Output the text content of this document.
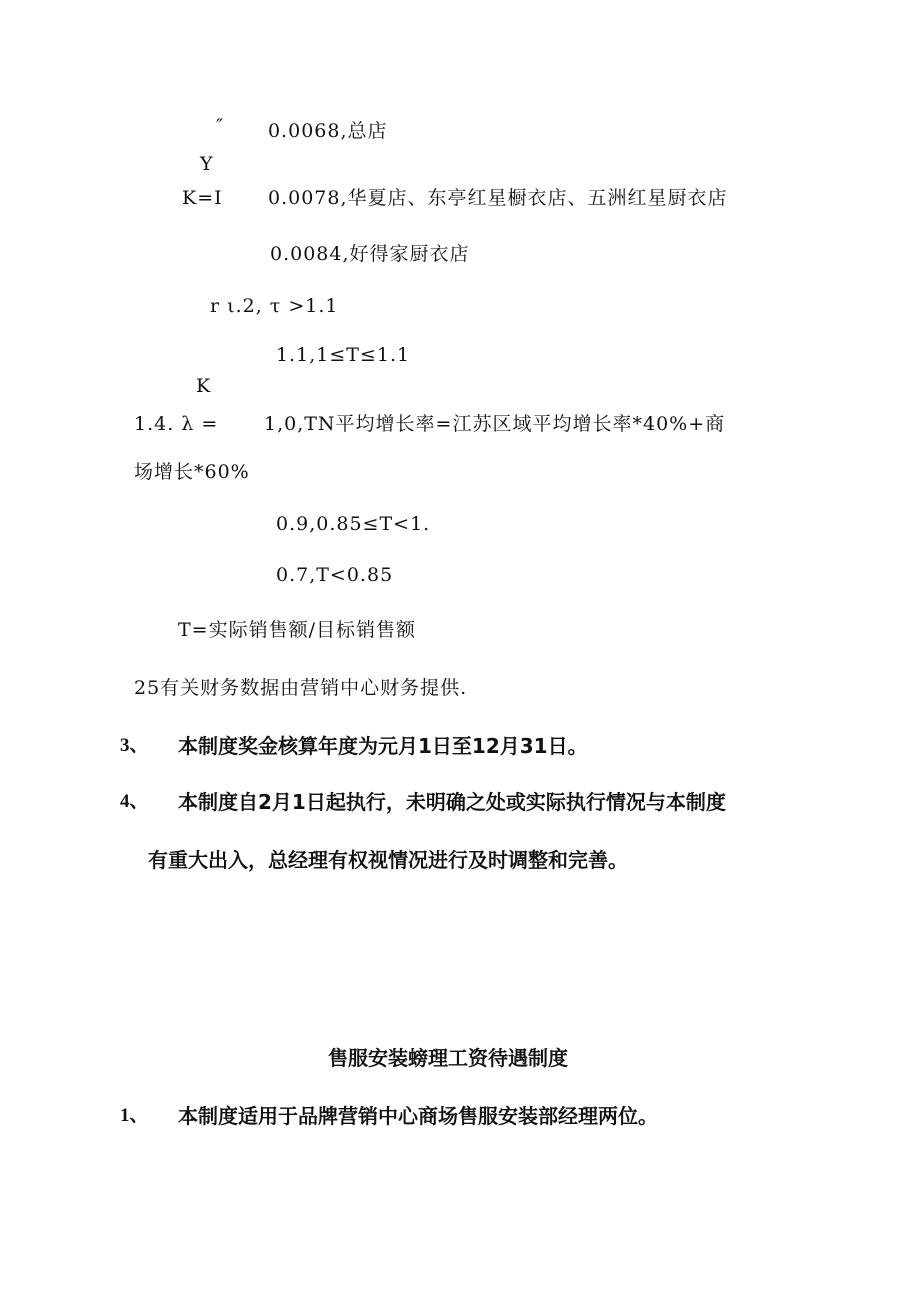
″ 0.0068,总店
Y
K=I 0.0078,华夏店、东亭红星橱衣店、五洲红星厨衣店
0.0084,好得家厨衣店
r ι.2, τ >1.1
1.1,1≤T≤1.1
K
1.4. λ = 1,0,TN平均增长率=江苏区域平均增长率*40%+商
场增长*60%
0.9,0.85≤T<1.
0.7,T<0.85
T=实际销售额/目标销售额
25有关财务数据由营销中心财务提供.
3、 本制度奖金核算年度为元月1日至12月31日。
4、 本制度自2月1日起执行，未明确之处或实际执行情况与本制度
有重大出入，总经理有权视情况进行及时调整和完善。
售服安装螃理工资待遇制度
1、 本制度适用于品牌营销中心商场售服安装部经理两位。
